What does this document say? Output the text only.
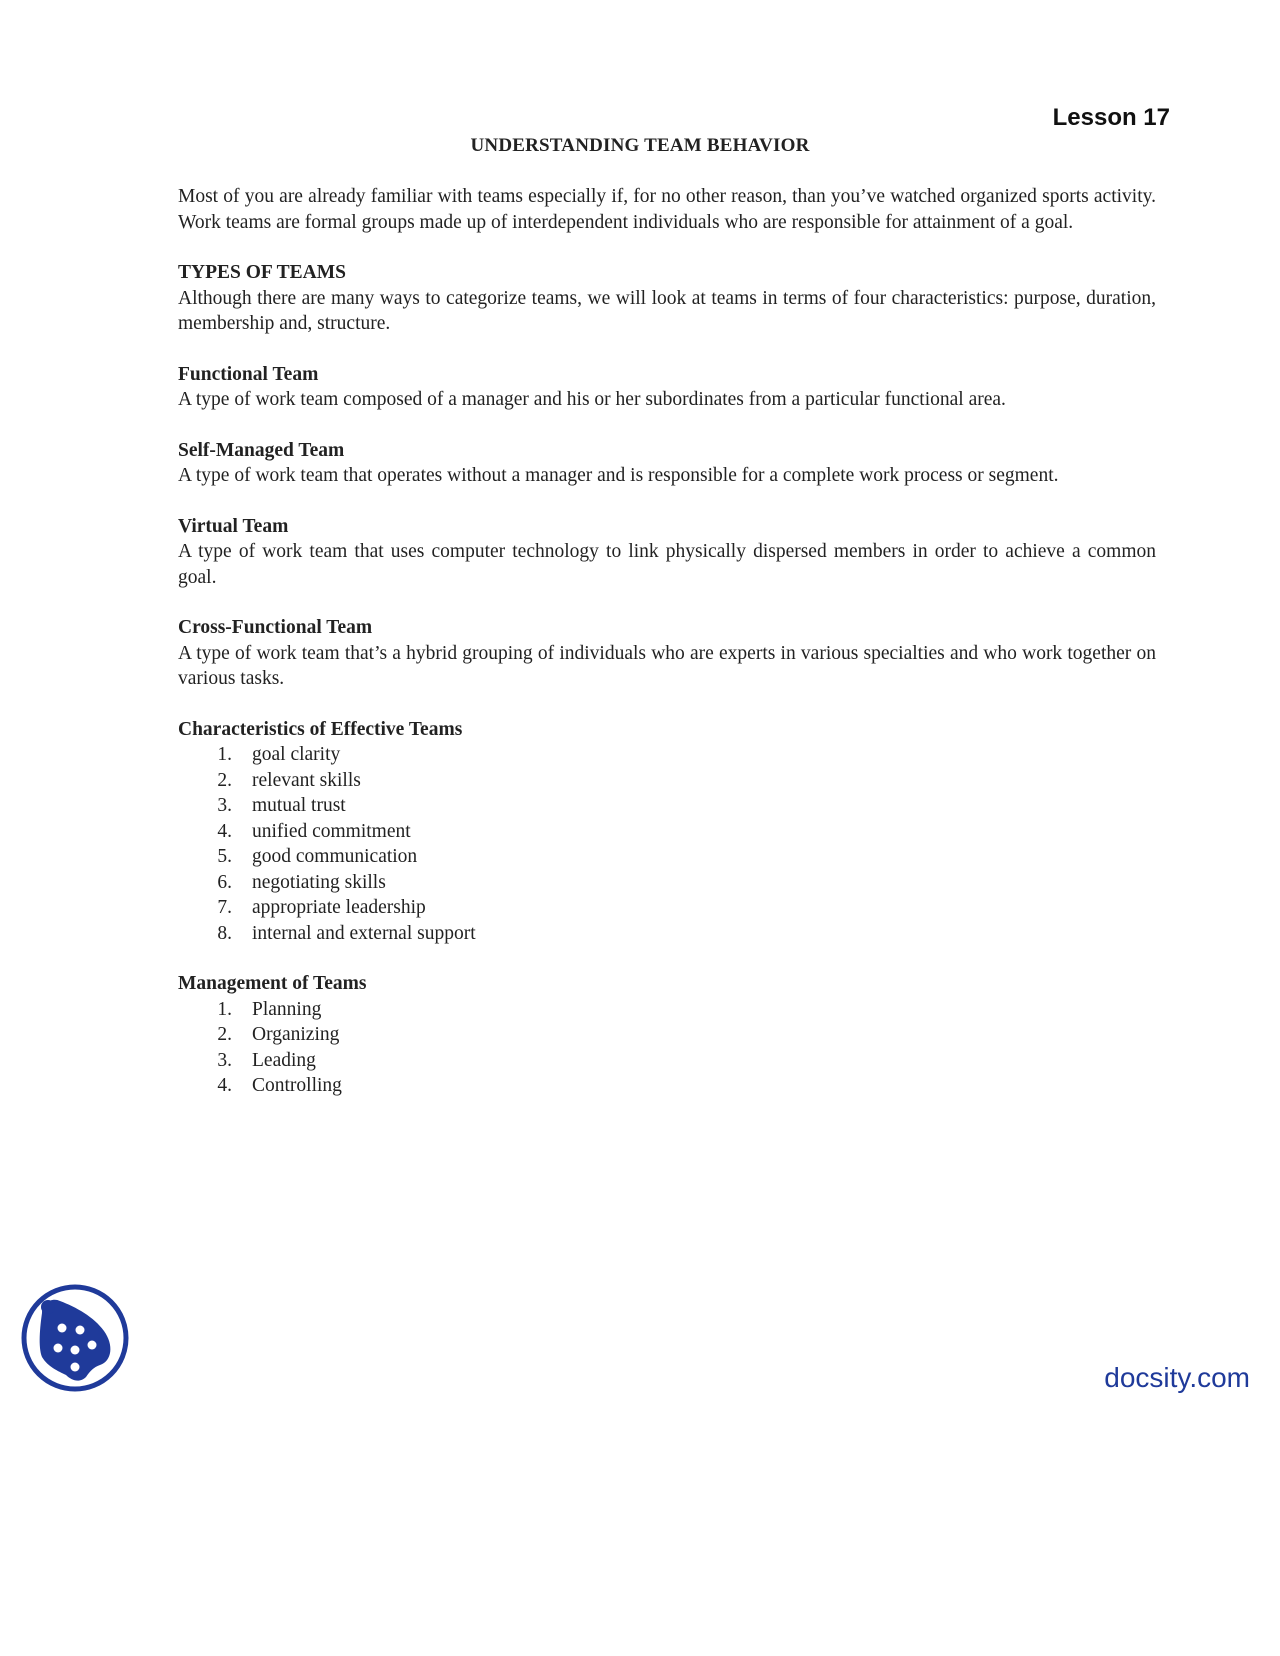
Lesson 17
UNDERSTANDING TEAM BEHAVIOR

Most of you are already familiar with teams especially if, for no other reason, than you’ve watched organized sports activity. Work teams are formal groups made up of interdependent individuals who are responsible for attainment of a goal.

TYPES OF TEAMS

Although there are many ways to categorize teams, we will look at teams in terms of four characteristics: purpose, duration, membership and, structure.

Functional Team

A type of work team composed of a manager and his or her subordinates from a particular functional area.

Self-Managed Team

A type of work team that operates without a manager and is responsible for a complete work process or segment.

Virtual Team

A type of work team that uses computer technology to link physically dispersed members in order to achieve a common goal.

Cross-Functional Team

A type of work team that’s a hybrid grouping of individuals who are experts in various specialties and who work together on various tasks.

Characteristics of Effective Teams
1.	goal clarity
2.	relevant skills
3.	mutual trust
4.	unified commitment
5.	good communication
6.	negotiating skills
7.	appropriate leadership
8.	internal and external support
Management of Teams
1.	Planning
2.	Organizing
3.	Leading
4.	Controlling
docsity.com
